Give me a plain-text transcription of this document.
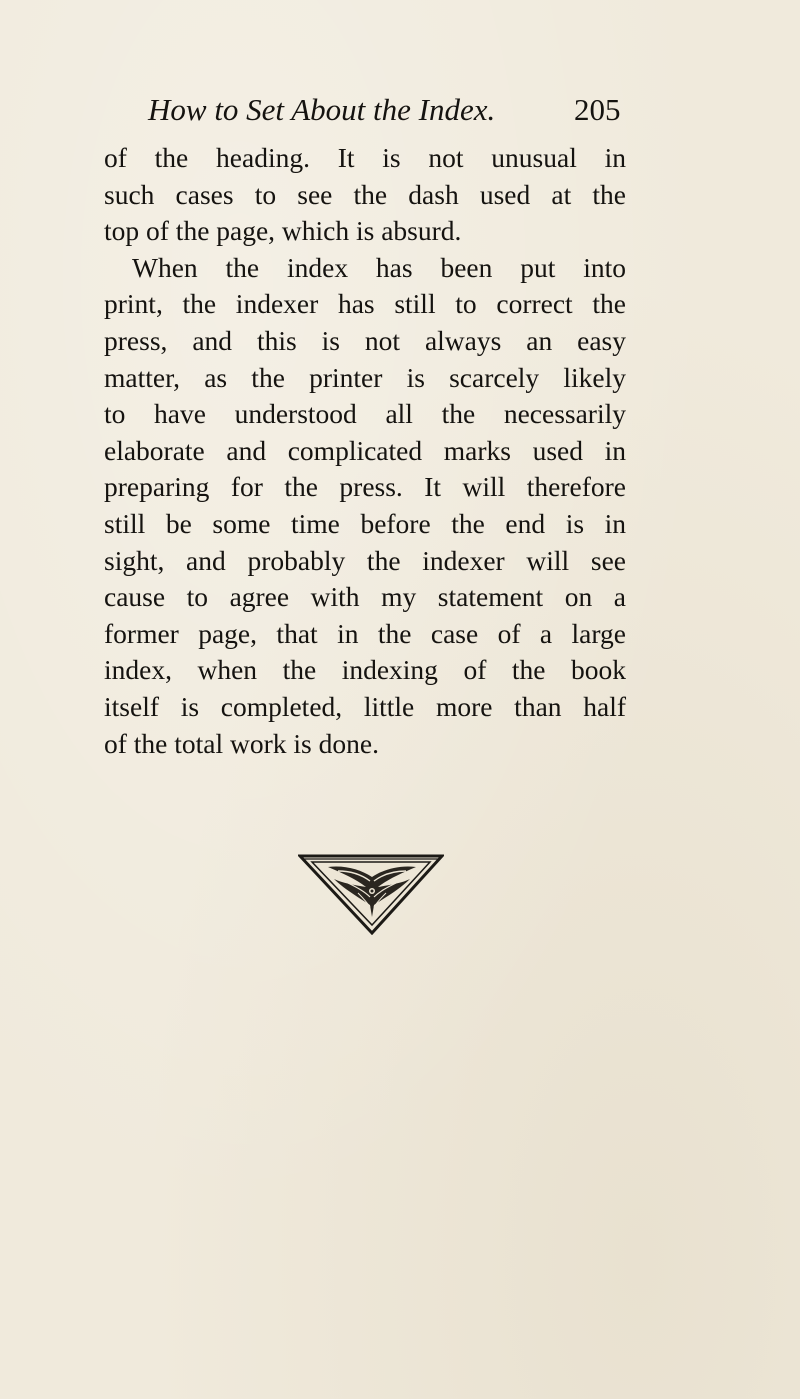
How to Set About the Index.	205
of the heading. It is not unusual in
such cases to see the dash used at the
top of the page, which is absurd.
When the index has been put into
print, the indexer has still to correct the
press, and this is not always an easy
matter, as the printer is scarcely likely
to have understood all the necessarily
elaborate and complicated marks used in
preparing for the press. It will therefore
still be some time before the end is in
sight, and probably the indexer will see
cause to agree with my statement on a
former page, that in the case of a large
index, when the indexing of the book
itself is completed, little more than half
of the total work is done.
